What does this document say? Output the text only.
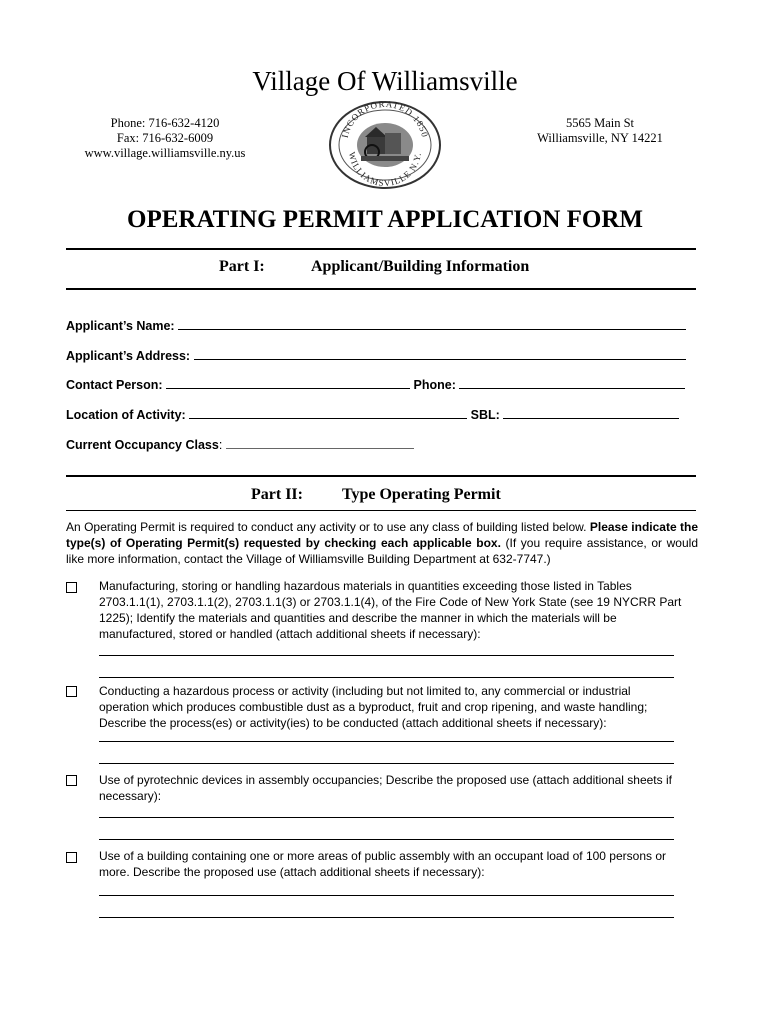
Village Of Williamsville
Phone: 716-632-4120
Fax: 716-632-6009
www.village.williamsville.ny.us
5565 Main St
Williamsville, NY 14221
INCORPORATED 1850
WILLIAMSVILLE N.Y.
OPERATING PERMIT APPLICATION FORM
Part I:	Applicant/Building Information
Applicant’s Name:
Applicant’s Address:
Contact Person:	Phone:
Location of Activity:	SBL:
Current Occupancy Class:
Part II: Type Operating Permit
An Operating Permit is required to conduct any activity or to use any class of building listed below. Please indicate the type(s) of Operating Permit(s) requested by checking each applicable box. (If you require assistance, or would like more information, contact the Village of Williamsville Building Department at 632-7747.)
Manufacturing, storing or handling hazardous materials in quantities exceeding those listed in Tables 2703.1.1(1), 2703.1.1(2), 2703.1.1(3) or 2703.1.1(4), of the Fire Code of New York State (see 19 NYCRR Part 1225); Identify the materials and quantities and describe the manner in which the materials will be manufactured, stored or handled (attach additional sheets if necessary):
Conducting a hazardous process or activity (including but not limited to, any commercial or industrial operation which produces combustible dust as a byproduct, fruit and crop ripening, and waste handling; Describe the process(es) or activity(ies) to be conducted (attach additional sheets if necessary):
Use of pyrotechnic devices in assembly occupancies; Describe the proposed use (attach additional sheets if necessary):
Use of a building containing one or more areas of public assembly with an occupant load of 100 persons or more. Describe the proposed use (attach additional sheets if necessary):
